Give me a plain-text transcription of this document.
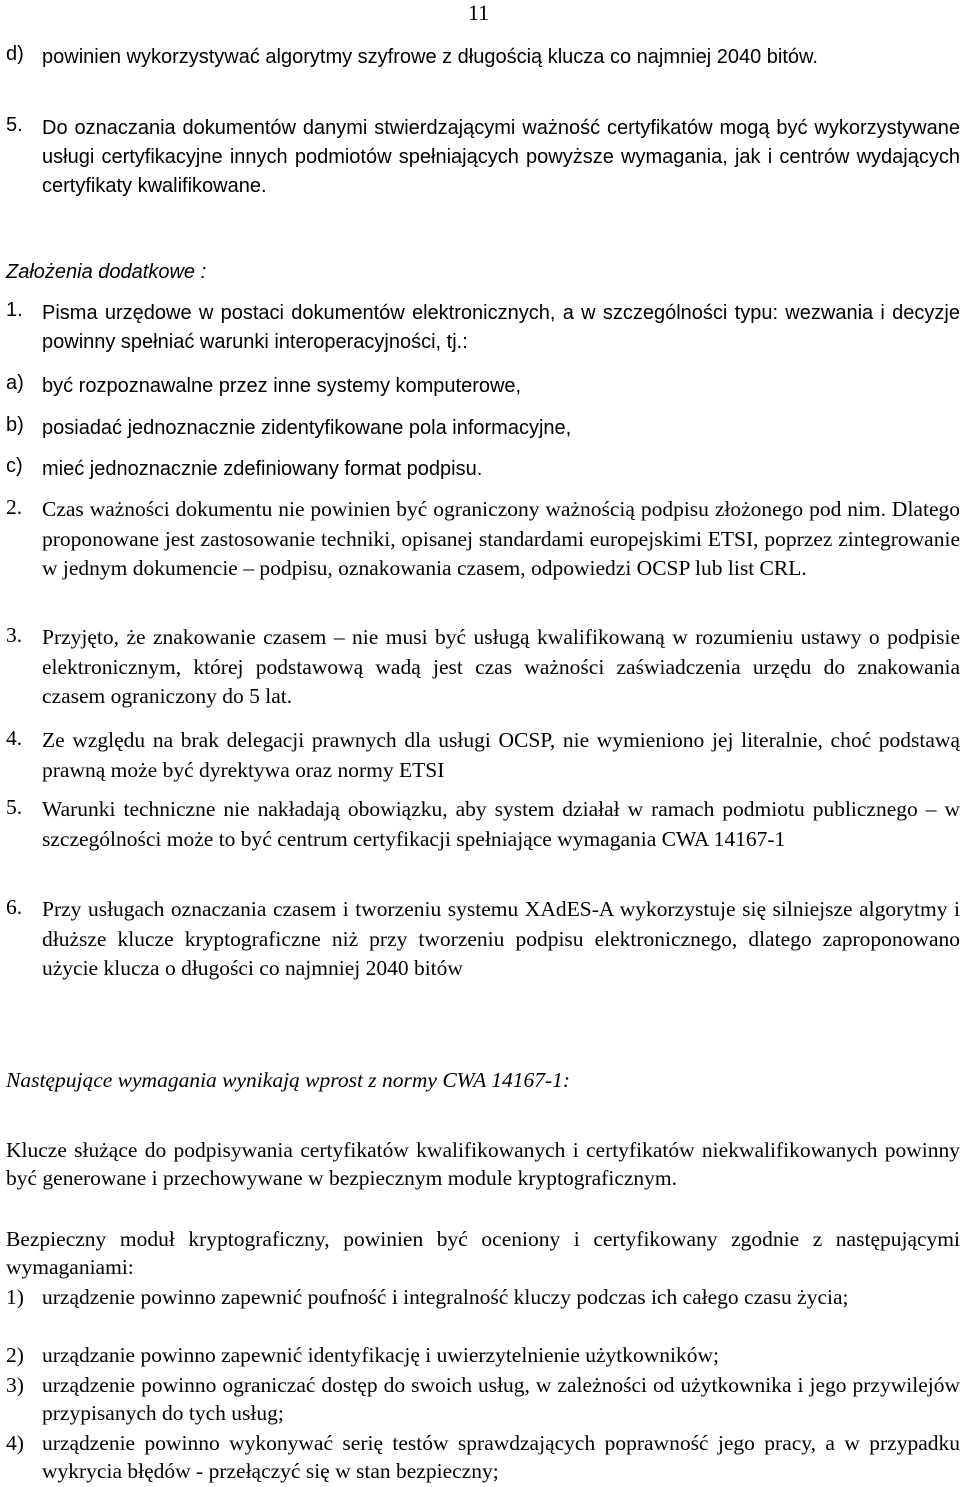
11
d) powinien wykorzystywać algorytmy szyfrowe z długością klucza co najmniej 2040 bitów.
5. Do oznaczania dokumentów danymi stwierdzającymi ważność certyfikatów mogą być wykorzystywane usługi certyfikacyjne innych podmiotów spełniających powyższe wymagania, jak i centrów wydających certyfikaty kwalifikowane.
Założenia dodatkowe :
1. Pisma urzędowe w postaci dokumentów elektronicznych, a w szczególności typu: wezwania i decyzje powinny spełniać warunki interoperacyjności, tj.:
a) być rozpoznawalne przez inne systemy komputerowe,
b) posiadać jednoznacznie zidentyfikowane pola informacyjne,
c) mieć jednoznacznie zdefiniowany format podpisu.
2. Czas ważności dokumentu nie powinien być ograniczony ważnością podpisu złożonego pod nim. Dlatego proponowane jest zastosowanie techniki, opisanej standardami europejskimi ETSI, poprzez zintegrowanie w jednym dokumencie – podpisu, oznakowania czasem, odpowiedzi OCSP lub list CRL.
3. Przyjęto, że znakowanie czasem – nie musi być usługą kwalifikowaną w rozumieniu ustawy o podpisie elektronicznym, której podstawową wadą jest czas ważności zaświadczenia urzędu do znakowania czasem ograniczony do 5 lat.
4. Ze względu na brak delegacji prawnych dla usługi OCSP, nie wymieniono jej literalnie, choć podstawą prawną może być dyrektywa oraz normy ETSI
5. Warunki techniczne nie nakładają obowiązku, aby system działał w ramach podmiotu publicznego – w szczególności może to być centrum certyfikacji spełniające wymagania CWA 14167-1
6. Przy usługach oznaczania czasem i tworzeniu systemu XAdES-A wykorzystuje się silniejsze algorytmy i dłuższe klucze kryptograficzne niż przy tworzeniu podpisu elektronicznego, dlatego zaproponowano użycie klucza o długości co najmniej 2040 bitów
Następujące wymagania wynikają wprost z normy CWA 14167-1:
Klucze służące do podpisywania certyfikatów kwalifikowanych i certyfikatów niekwalifikowanych powinny być generowane i przechowywane w bezpiecznym module kryptograficznym.
Bezpieczny moduł kryptograficzny, powinien być oceniony i certyfikowany zgodnie z następującymi wymaganiami:
1) urządzenie powinno zapewnić poufność i integralność kluczy podczas ich całego czasu życia;
2) urządzanie powinno zapewnić identyfikację i uwierzytelnienie użytkowników;
3) urządzenie powinno ograniczać dostęp do swoich usług, w zależności od użytkownika i jego przywilejów przypisanych do tych usług;
4) urządzenie powinno wykonywać serię testów sprawdzających poprawność jego pracy, a w przypadku wykrycia błędów - przełączyć się w stan bezpieczny;
